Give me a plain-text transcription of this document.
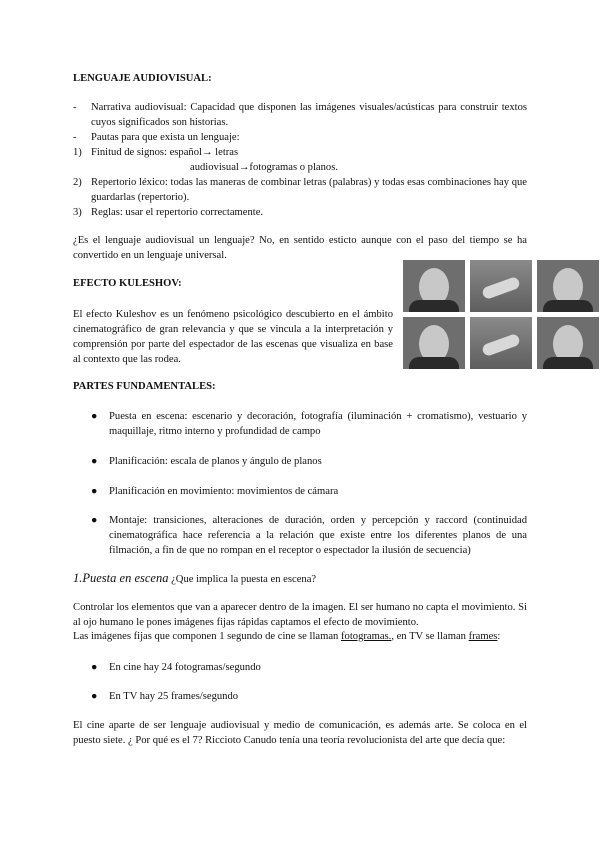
LENGUAJE AUDIOVISUAL:
- Narrativa audiovisual: Capacidad que disponen las imágenes visuales/acústicas para construir textos cuyos significados son historias.
- Pautas para que exista un lenguaje:
1) Finitud de signos: español→ letras
audiovisual→fotogramas o planos.
2) Repertorio léxico: todas las maneras de combinar letras (palabras) y todas esas combinaciones hay que guardarlas (repertorio).
3) Reglas: usar el repertorio correctamente.
¿Es el lenguaje audiovisual un lenguaje? No, en sentido esticto aunque con el paso del tiempo se ha convertido en un lenguaje universal.
EFECTO KULESHOV:
El efecto Kuleshov es un fenómeno psicológico descubierto en el ámbito cinematográfico de gran relevancia y que se vincula a la interpretación y comprensión por parte del espectador de las escenas que visualiza en base al contexto que las rodea.
PARTES FUNDAMENTALES:
● Puesta en escena: escenario y decoración, fotografía (iluminación + cromatismo), vestuario y maquillaje, ritmo interno y profundidad de campo
● Planificación: escala de planos y ángulo de planos
● Planificación en movimiento: movimientos de cámara
● Montaje: transiciones, alteraciones de duración, orden y percepción y raccord (continuidad cinematográfica hace referencia a la relación que existe entre los diferentes planos de una filmación, a fin de que no rompan en el receptor o espectador la ilusión de secuencia)
1.Puesta en escena ¿Que implica la puesta en escena?
Controlar los elementos que van a aparecer dentro de la imagen. El ser humano no capta el movimiento. Si al ojo humano le pones imágenes fijas rápidas captamos el efecto de movimiento.
Las imágenes fijas que componen 1 segundo de cine se llaman fotogramas., en TV se llaman frames:
● En cine hay 24 fotogramas/segundo
● En TV hay 25 frames/segundo
El cine aparte de ser lenguaje audiovisual y medio de comunicación, es además arte. Se coloca en el puesto siete. ¿ Por qué es el 7? Riccioto Canudo tenía una teoría revolucionista del arte que decía que:
